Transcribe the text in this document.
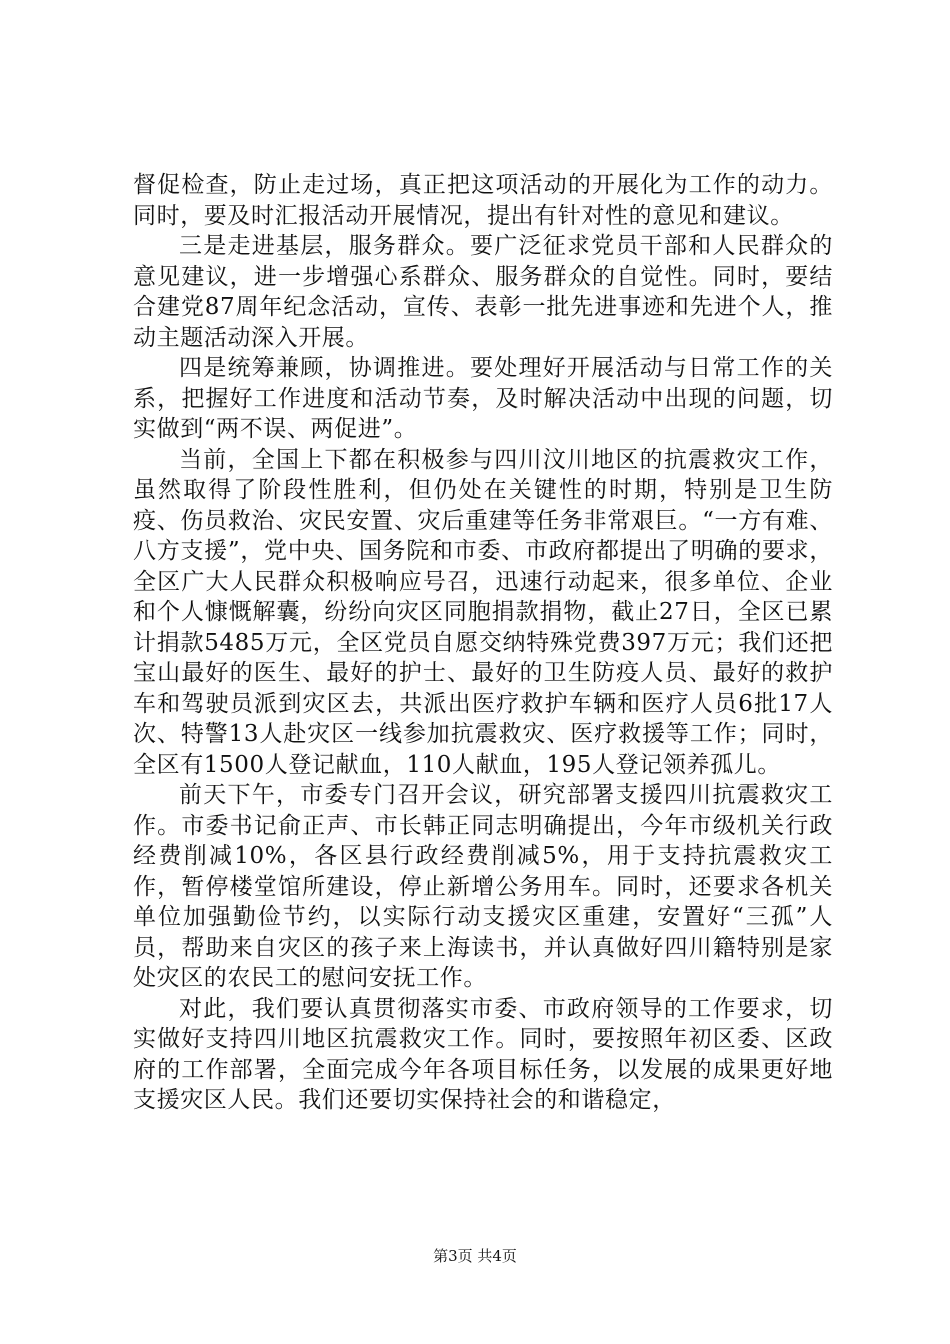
督促检查，防止走过场，真正把这项活动的开展化为工作的动力。同时，要及时汇报活动开展情况，提出有针对性的意见和建议。

三是走进基层，服务群众。要广泛征求党员干部和人民群众的意见建议，进一步增强心系群众、服务群众的自觉性。同时，要结合建党87周年纪念活动，宣传、表彰一批先进事迹和先进个人，推动主题活动深入开展。

四是统筹兼顾，协调推进。要处理好开展活动与日常工作的关系，把握好工作进度和活动节奏，及时解决活动中出现的问题，切实做到“两不误、两促进”。

当前，全国上下都在积极参与四川汶川地区的抗震救灾工作，虽然取得了阶段性胜利，但仍处在关键性的时期，特别是卫生防疫、伤员救治、灾民安置、灾后重建等任务非常艰巨。“一方有难、八方支援”，党中央、国务院和市委、市政府都提出了明确的要求，全区广大人民群众积极响应号召，迅速行动起来，很多单位、企业和个人慷慨解囊，纷纷向灾区同胞捐款捐物，截止27日，全区已累计捐款5485万元，全区党员自愿交纳特殊党费397万元；我们还把宝山最好的医生、最好的护士、最好的卫生防疫人员、最好的救护车和驾驶员派到灾区去，共派出医疗救护车辆和医疗人员6批17人次、特警13人赴灾区一线参加抗震救灾、医疗救援等工作；同时，全区有1500人登记献血，110人献血，195人登记领养孤儿。

前天下午，市委专门召开会议，研究部署支援四川抗震救灾工作。市委书记俞正声、市长韩正同志明确提出，今年市级机关行政经费削减10%，各区县行政经费削减5%，用于支持抗震救灾工作，暂停楼堂馆所建设，停止新增公务用车。同时，还要求各机关单位加强勤俭节约，以实际行动支援灾区重建，安置好“三孤”人员，帮助来自灾区的孩子来上海读书，并认真做好四川籍特别是家处灾区的农民工的慰问安抚工作。

对此，我们要认真贯彻落实市委、市政府领导的工作要求，切实做好支持四川地区抗震救灾工作。同时，要按照年初区委、区政府的工作部署，全面完成今年各项目标任务，以发展的成果更好地支援灾区人民。我们还要切实保持社会的和谐稳定，

第3页 共4页
